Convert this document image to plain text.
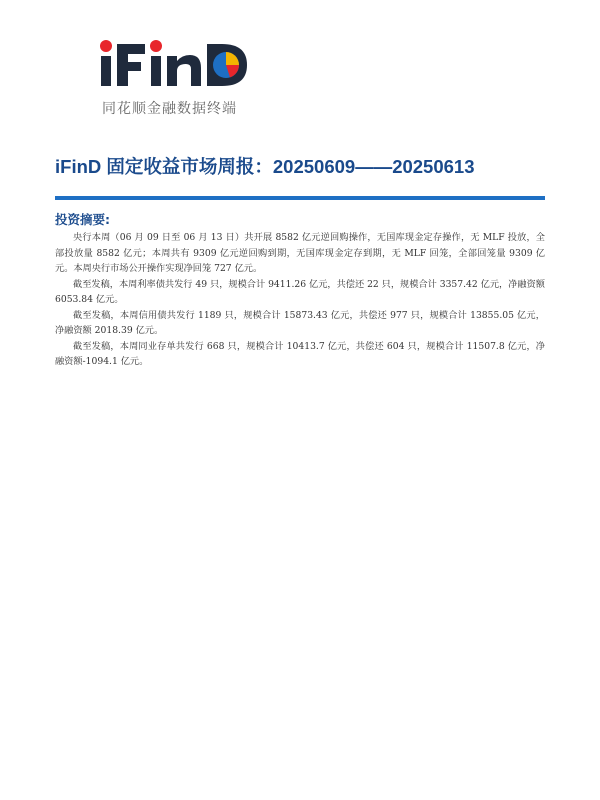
同花顺金融数据终端
iFinD 固定收益市场周报：20250609——20250613
投资摘要:

央行本周（06 月 09 日至 06 月 13 日）共开展 8582 亿元逆回购操作，无国库现金定存操作，无 MLF 投放，全部投放量 8582 亿元；本周共有 9309 亿元逆回购到期，无国库现金定存到期，无 MLF 回笼，全部回笼量 9309 亿元。本周央行市场公开操作实现净回笼 727 亿元。

截至发稿，本周利率债共发行 49 只，规模合计 9411.26 亿元，共偿还 22 只，规模合计 3357.42 亿元，净融资额 6053.84 亿元。

截至发稿，本周信用债共发行 1189 只，规模合计 15873.43 亿元，共偿还 977 只，规模合计 13855.05 亿元，净融资额 2018.39 亿元。

截至发稿，本周同业存单共发行 668 只，规模合计 10413.7 亿元，共偿还 604 只，规模合计 11507.8 亿元，净融资额-1094.1 亿元。
